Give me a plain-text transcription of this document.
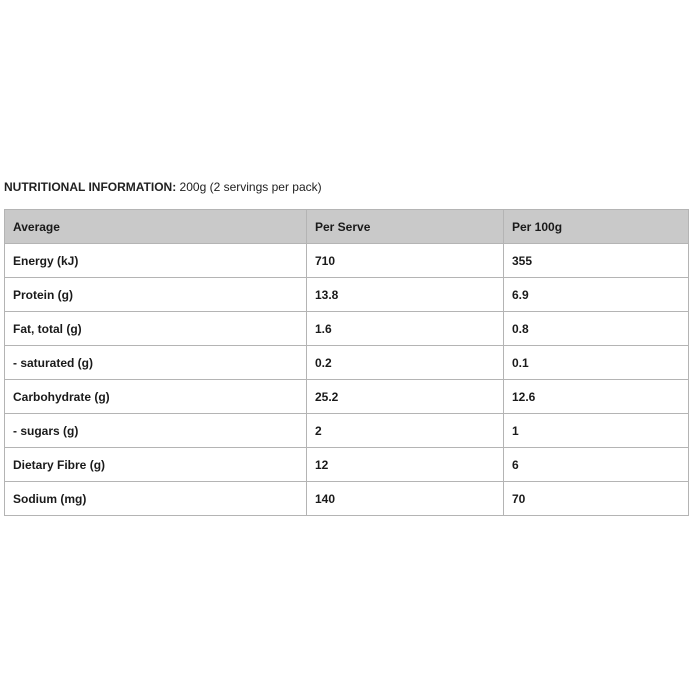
NUTRITIONAL INFORMATION: 200g (2 servings per pack)
Average	Per Serve	Per 100g
Energy (kJ)	710	355
Protein (g)	13.8	6.9
Fat, total (g)	1.6	0.8
- saturated (g)	0.2	0.1
Carbohydrate (g)	25.2	12.6
- sugars (g)	2	1
Dietary Fibre (g)	12	6
Sodium (mg)	140	70
